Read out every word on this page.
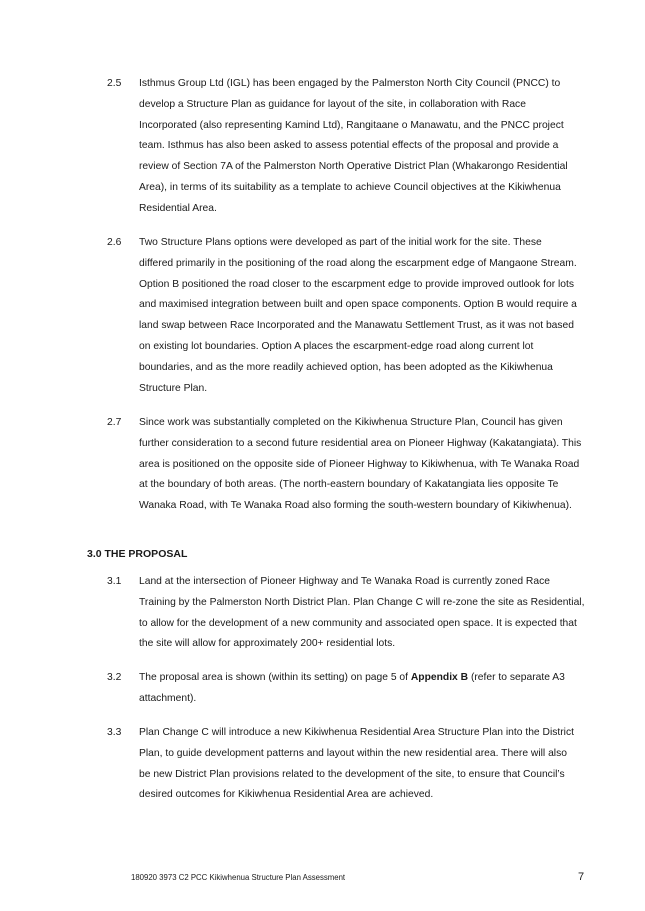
2.5 Isthmus Group Ltd (IGL) has been engaged by the Palmerston North City Council (PNCC) to
develop a Structure Plan as guidance for layout of the site, in collaboration with Race
Incorporated (also representing Kamind Ltd), Rangitaane o Manawatu, and the PNCC project
team. Isthmus has also been asked to assess potential effects of the proposal and provide a
review of Section 7A of the Palmerston North Operative District Plan (Whakarongo Residential
Area), in terms of its suitability as a template to achieve Council objectives at the Kikiwhenua
Residential Area.
2.6 Two Structure Plans options were developed as part of the initial work for the site. These
differed primarily in the positioning of the road along the escarpment edge of Mangaone Stream.
Option B positioned the road closer to the escarpment edge to provide improved outlook for lots
and maximised integration between built and open space components. Option B would require a
land swap between Race Incorporated and the Manawatu Settlement Trust, as it was not based
on existing lot boundaries. Option A places the escarpment-edge road along current lot
boundaries, and as the more readily achieved option, has been adopted as the Kikiwhenua
Structure Plan.
2.7 Since work was substantially completed on the Kikiwhenua Structure Plan, Council has given
further consideration to a second future residential area on Pioneer Highway (Kakatangiata). This
area is positioned on the opposite side of Pioneer Highway to Kikiwhenua, with Te Wanaka Road
at the boundary of both areas. (The north-eastern boundary of Kakatangiata lies opposite Te
Wanaka Road, with Te Wanaka Road also forming the south-western boundary of Kikiwhenua).
3.0 THE PROPOSAL
3.1 Land at the intersection of Pioneer Highway and Te Wanaka Road is currently zoned Race
Training by the Palmerston North District Plan. Plan Change C will re-zone the site as Residential,
to allow for the development of a new community and associated open space. It is expected that
the site will allow for approximately 200+ residential lots.
3.2 The proposal area is shown (within its setting) on page 5 of Appendix B (refer to separate A3
attachment).
3.3 Plan Change C will introduce a new Kikiwhenua Residential Area Structure Plan into the District
Plan, to guide development patterns and layout within the new residential area. There will also
be new District Plan provisions related to the development of the site, to ensure that Council’s
desired outcomes for Kikiwhenua Residential Area are achieved.
180920 3973 C2 PCC Kikiwhenua Structure Plan Assessment	7
